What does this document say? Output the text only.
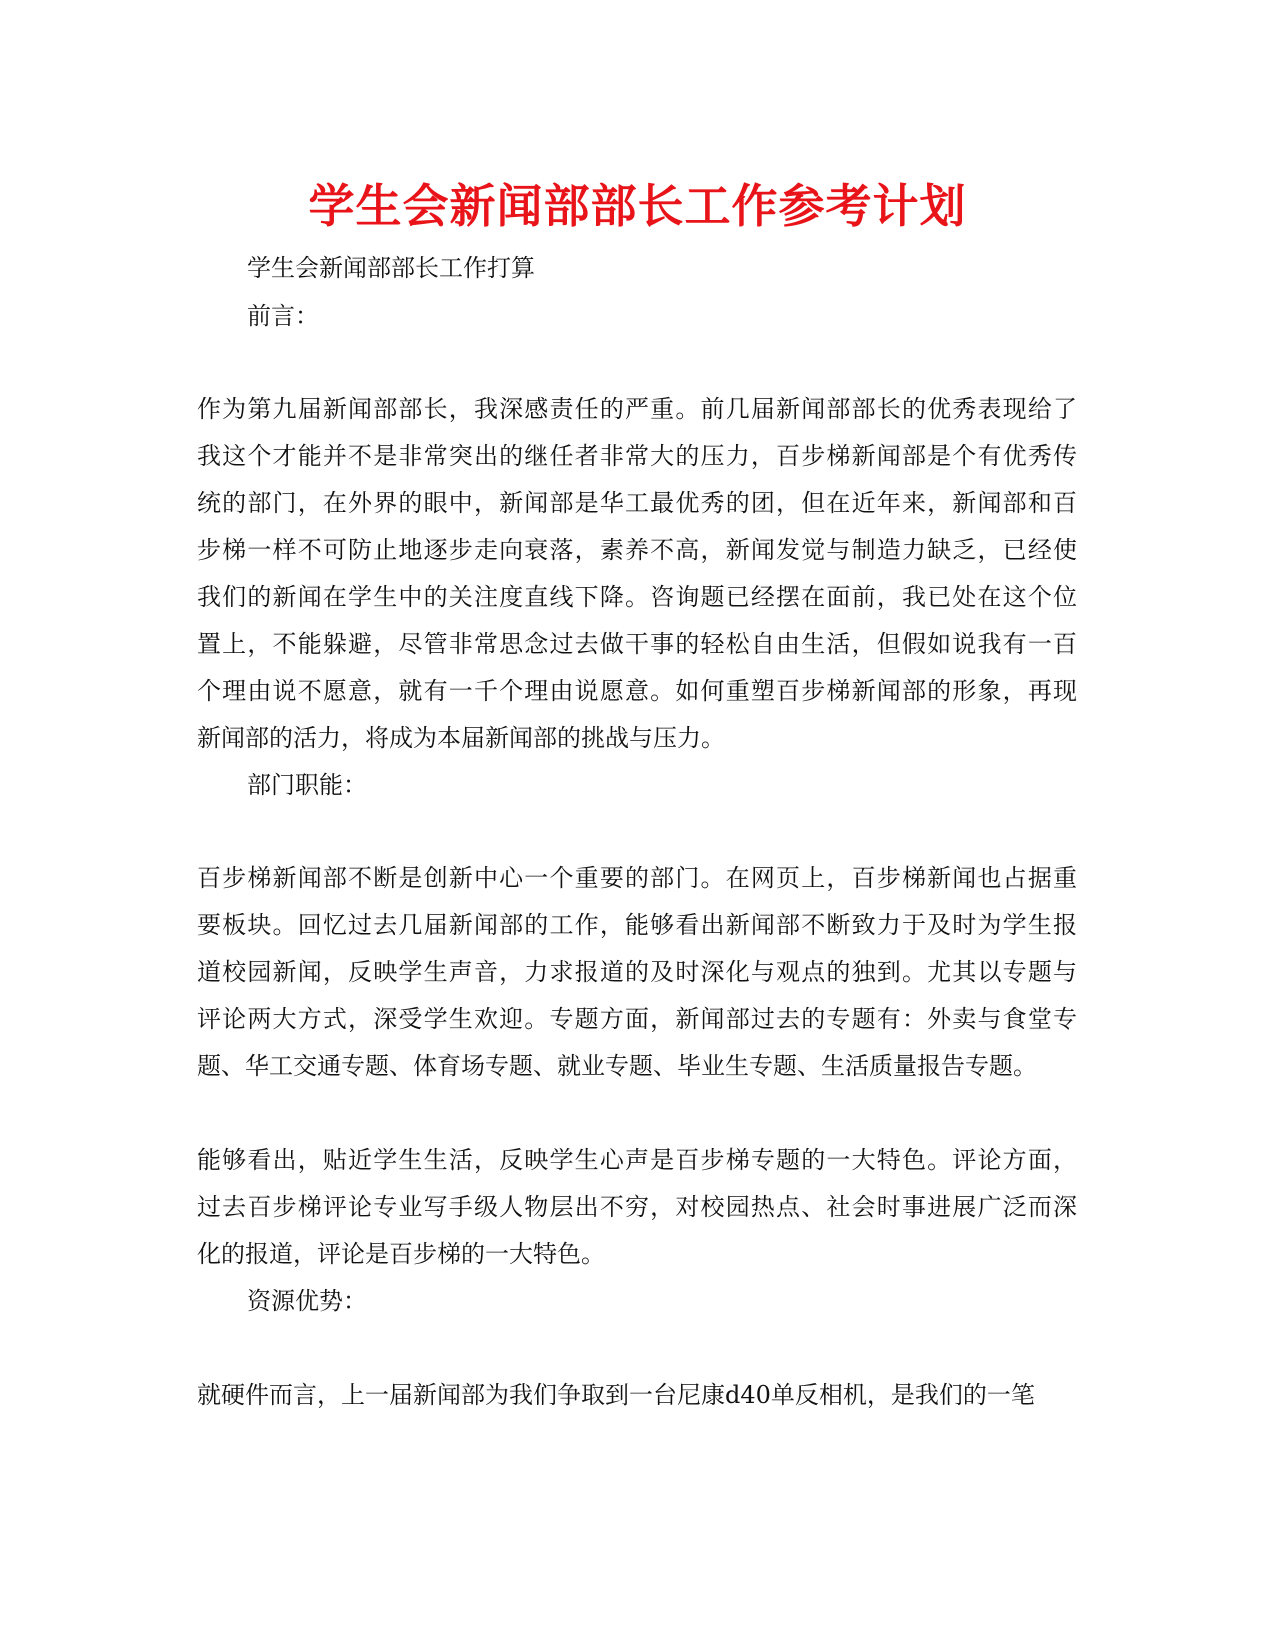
学生会新闻部部长工作参考计划

学生会新闻部部长工作打算

前言：

作为第九届新闻部部长，我深感责任的严重。前几届新闻部部长的优秀表现给了

我这个才能并不是非常突出的继任者非常大的压力，百步梯新闻部是个有优秀传

统的部门，在外界的眼中，新闻部是华工最优秀的团，但在近年来，新闻部和百

步梯一样不可防止地逐步走向衰落，素养不高，新闻发觉与制造力缺乏，已经使

我们的新闻在学生中的关注度直线下降。咨询题已经摆在面前，我已处在这个位

置上，不能躲避，尽管非常思念过去做干事的轻松自由生活，但假如说我有一百

个理由说不愿意，就有一千个理由说愿意。如何重塑百步梯新闻部的形象，再现

新闻部的活力，将成为本届新闻部的挑战与压力。

部门职能：

百步梯新闻部不断是创新中心一个重要的部门。在网页上，百步梯新闻也占据重

要板块。回忆过去几届新闻部的工作，能够看出新闻部不断致力于及时为学生报

道校园新闻，反映学生声音，力求报道的及时深化与观点的独到。尤其以专题与

评论两大方式，深受学生欢迎。专题方面，新闻部过去的专题有：外卖与食堂专

题、华工交通专题、体育场专题、就业专题、毕业生专题、生活质量报告专题。

能够看出，贴近学生生活，反映学生心声是百步梯专题的一大特色。评论方面，

过去百步梯评论专业写手级人物层出不穷，对校园热点、社会时事进展广泛而深

化的报道，评论是百步梯的一大特色。

资源优势：

就硬件而言，上一届新闻部为我们争取到一台尼康d40单反相机，是我们的一笔
